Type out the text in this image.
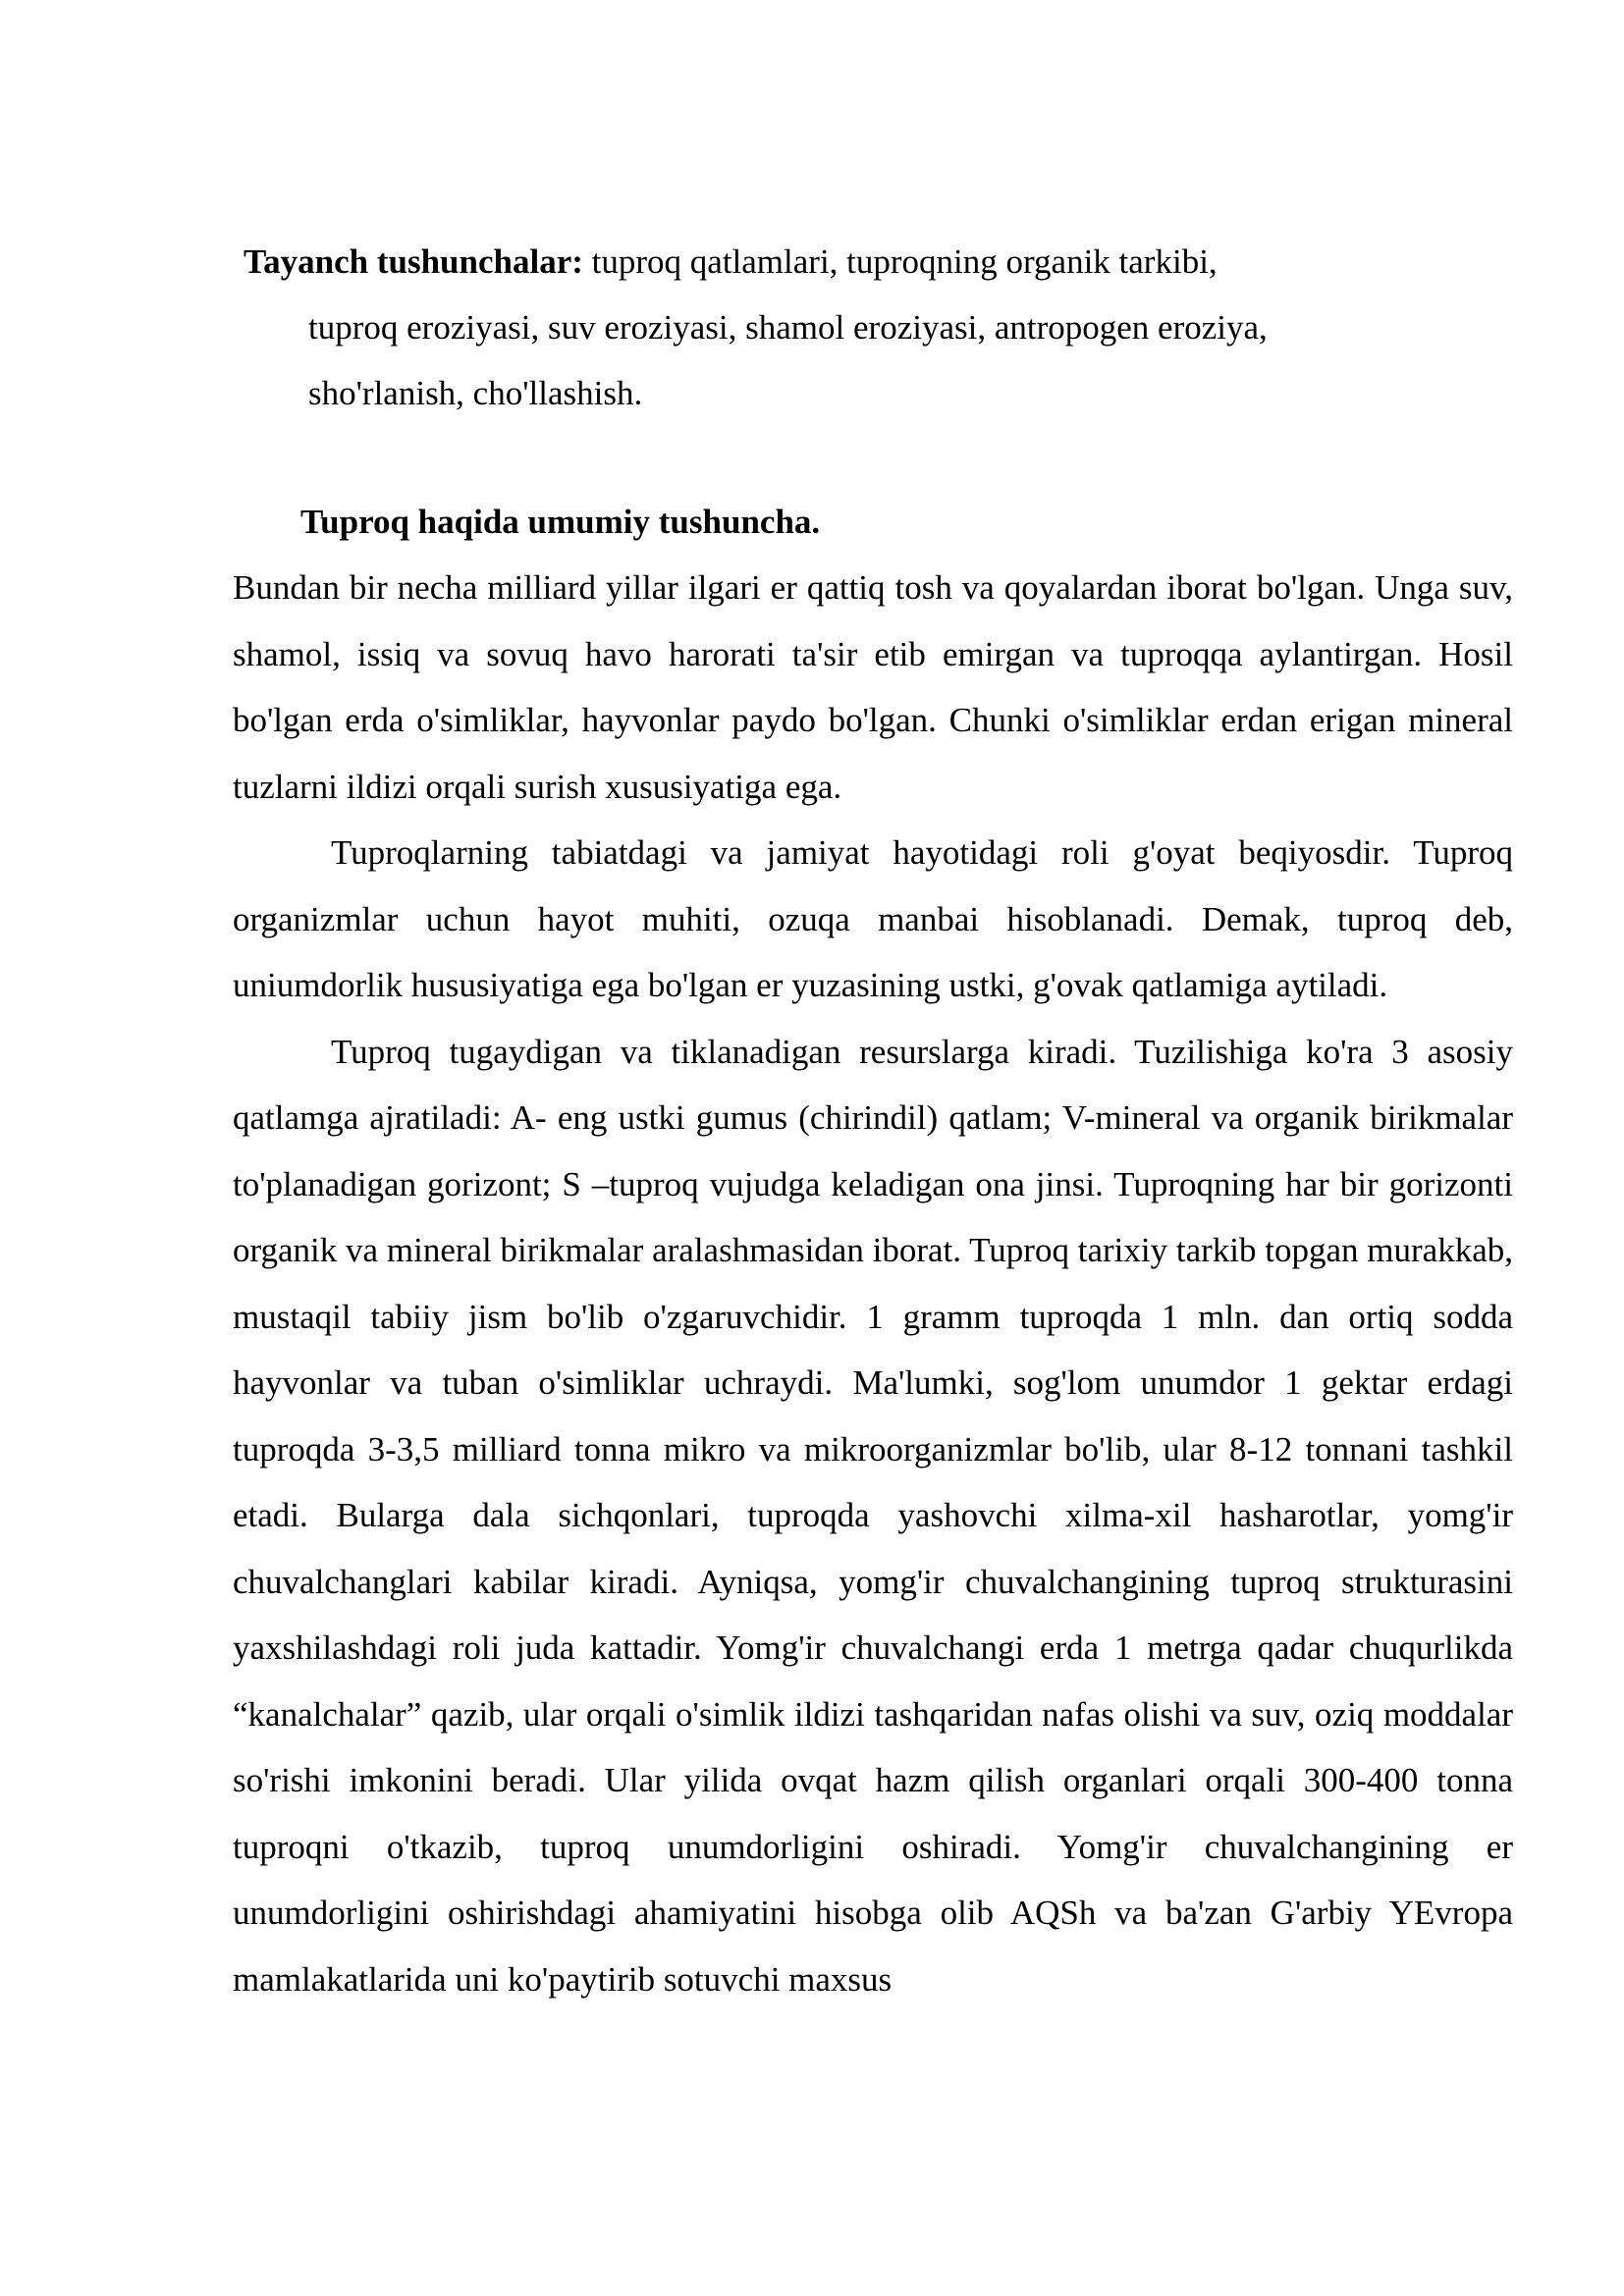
Tayanch tushunchalar: tuproq qatlamlari, tuproqning organik tarkibi,
tuproq eroziyasi, suv eroziyasi, shamol eroziyasi, antropogen eroziya,
sho'rlanish, cho'llashish.
Tuproq haqida umumiy tushuncha.

Bundan bir necha milliard yillar ilgari er qattiq tosh va qoyalardan iborat bo'lgan. Unga suv, shamol, issiq va sovuq havo harorati ta'sir etib emirgan va tuproqqa aylantirgan. Hosil bo'lgan erda o'simliklar, hayvonlar paydo bo'lgan. Chunki o'simliklar erdan erigan mineral tuzlarni ildizi orqali surish xususiyatiga ega.

Tuproqlarning tabiatdagi va jamiyat hayotidagi roli g'oyat beqiyosdir. Tuproq organizmlar uchun hayot muhiti, ozuqa manbai hisoblanadi. Demak, tuproq deb, uniumdorlik hususiyatiga ega bo'lgan er yuzasining ustki, g'ovak qatlamiga aytiladi.

Tuproq tugaydigan va tiklanadigan resurslarga kiradi. Tuzilishiga ko'ra 3 asosiy qatlamga ajratiladi: A- eng ustki gumus (chirindil) qatlam; V-mineral va organik birikmalar to'planadigan gorizont; S –tuproq vujudga keladigan ona jinsi. Tuproqning har bir gorizonti organik va mineral birikmalar aralashmasidan iborat. Tuproq tarixiy tarkib topgan murakkab, mustaqil tabiiy jism bo'lib o'zgaruvchidir. 1 gramm tuproqda 1 mln. dan ortiq sodda hayvonlar va tuban o'simliklar uchraydi. Ma'lumki, sog'lom unumdor 1 gektar erdagi tuproqda 3-3,5 milliard tonna mikro va mikroorganizmlar bo'lib, ular 8-12 tonnani tashkil etadi. Bularga dala sichqonlari, tuproqda yashovchi xilma-xil hasharotlar, yomg'ir chuvalchanglari kabilar kiradi. Ayniqsa, yomg'ir chuvalchangining tuproq strukturasini yaxshilashdagi roli juda kattadir. Yomg'ir chuvalchangi erda 1 metrga qadar chuqurlikda “kanalchalar” qazib, ular orqali o'simlik ildizi tashqaridan nafas olishi va suv, oziq moddalar so'rishi imkonini beradi. Ular yilida ovqat hazm qilish organlari orqali 300-400 tonna tuproqni o'tkazib, tuproq unumdorligini oshiradi. Yomg'ir chuvalchangining er unumdorligini oshirishdagi ahamiyatini hisobga olib AQSh va ba'zan G'arbiy YEvropa mamlakatlarida uni ko'paytirib sotuvchi maxsus
